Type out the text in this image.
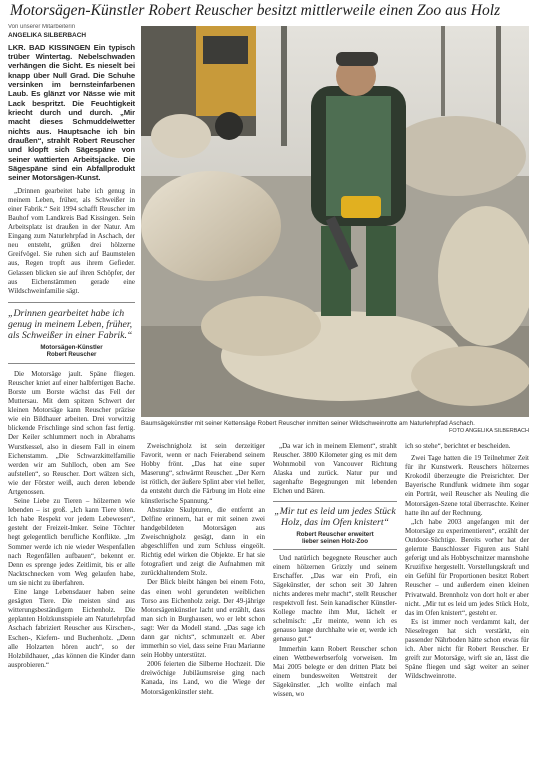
Motorsägen-Künstler Robert Reuscher besitzt mittlerweile einen Zoo aus Holz
Von unserer Mitarbeiterin
ANGELIKA SILBERBACH

LKR. BAD KISSINGEN Ein typisch trüber Wintertag. Nebelschwaden verhängen die Sicht. Es nieselt bei knapp über Null Grad. Die Schuhe versinken im bernsteinfarbenen Laub. Es glänzt vor Nässe wie mit Lack bespritzt. Die Feuchtigkeit kriecht durch und durch. „Mir macht dieses Schmuddelwetter nichts aus. Hauptsache ich bin draußen“, strahlt Robert Reuscher und klopft sich Sägespäne von seiner wattierten Arbeitsjacke. Die Sägespäne sind ein Abfallprodukt seiner Motorsägen-Kunst.

„Drinnen gearbeitet habe ich genug in meinem Leben, früher, als Schweißer in einer Fabrik.“ Seit 1994 schafft Reuscher im Bauhof vom Landkreis Bad Kissingen. Sein Arbeitsplatz ist draußen in der Natur. Am Eingang zum Naturlehrpfad in Aschach, der neu entsteht, grüßen drei hölzerne Greifvögel. Sie ruhen sich auf Baumstelen aus, Regen tropft aus ihrem Gefieder. Gelassen blicken sie auf ihren Schöpfer, der aus Eichenstämmen gerade eine Wildschweinfamilie sägt.

„Drinnen gearbeitet habe ich genug in meinem Leben, früher, als Schweißer in einer Fabrik.“
Motorsägen-Künstler
Robert Reuscher

Die Motorsäge jault. Späne fliegen. Reuscher kniet auf einer halbfertigen Bache. Borste um Borste wächst das Fell der Muttersau. Mit dem spitzen Schwert der kleinen Motorsäge kann Reuscher präzise wie ein Bildhauer arbeiten. Drei vorwitzig blickende Frischlinge sind schon fast fertig. Der Keiler schlummert noch in Abrahams Wurstkessel, also in diesem Fall in einem Eichenstamm. „Die Schwarzkittelfamilie werden wir am Suhlloch, oben am See aufstellen“, so Reuscher. Dort wälzen sich, wie der Förster weiß, auch deren lebende Artgenossen.

Seine Liebe zu Tieren – hölzernen wie lebenden – ist groß. „Ich kann Tiere töten. Ich habe Respekt vor jedem Lebewesen“, gesteht der Freizeit-Imker. Seine Töchter hegt gelegentlich berufliche Konflikte. „Im Sommer werde ich nie wieder Wespenfallen nach Regenfällen aufbauen“, bekennt er. Denn es sprenge jedes Zeitlimit, bis er alle Nacktschnecken vom Weg gelaufen habe, um sie nicht zu überfahren.

Eine lange Lebensdauer haben seine gesägten Tiere. Die meisten sind aus witterungsbeständigem Eichenholz. Die geplanten Holzkunstspiele am Naturlehrpfad Aschach fabriziert Reuscher aus Kirschen-, Eschen-, Kiefern- und Buchenholz. „Denn alle Holzarten hören auch“, so der Holzbildhauer, „das können die Kinder dann ausprobieren.“

Baumsägekünstler mit seiner Kettensäge Robert Reuscher inmitten seiner Wildschweinrotte am Naturlehrpfad Aschach.
FOTO ANGELIKA SILBERBACH

Zweischnigholz ist sein derzeitiger Favorit, wenn er nach Feierabend seinem Hobby frönt. „Das hat eine super Maserung“, schwärmt Reuscher. „Der Kern ist rötlich, der äußere Splint aber viel heller, da entsteht durch die Färbung im Holz eine künstlerische Spannung.“

Abstrakte Skulpturen, die entfernt an Delfine erinnern, hat er mit seinen zwei handgebildeten Motorsägen aus Zweischnigholz gesägt, dann in ein abgeschliffen und zum Schluss eingeölt. Richtig edel wirken die Objekte. Er hat sie fotografiert und zeigt die Aufnahmen mit zurückhaltendem Stolz.

Der Blick bleibt hängen bei einem Foto, das einen wohl gerundeten weiblichen Torso aus Eichenholz zeigt. Der 49-jährige Motorsägenkünstler lacht und erzählt, dass man sich in Burghausen, wo er lebt schon sagt: Wer da Modell stand. „Das sage ich dann gar nichts“, schmunzelt er. Aber immerhin so viel, dass seine Frau Marianne sein Hobby unterstützt.

2006 feierten die Silberne Hochzeit. Die dreiwöchige Jubiläumsreise ging nach Kanada, ins Land, wo die Wiege der Motorsägenkünstler steht.

„Da war ich in meinem Element“, strahlt Reuscher. 3800 Kilometer ging es mit dem Wohnmobil von Vancouver Richtung Alaska und zurück. Natur pur und sagenhafte Begegnungen mit lebenden Elchen und Bären.

„Mir tut es leid um jedes Stück Holz, das im Ofen knistert“
Robert Reuscher erweitert
lieber seinen Holz-Zoo

Und natürlich begegnete Reuscher auch einem hölzernen Grizzly und seinem Erschaffer. „Das war ein Profi, ein Sägekünstler, der schon seit 30 Jahren nichts anderes mehr macht“, stellt Reuscher respektvoll fest. Sein kanadischer Künstler-Kollege machte ihm Mut, lächelt er schelmisch: „Er meinte, wenn ich es genauso lange durchhalte wie er, werde ich genauso gut.“

Immerhin kann Robert Reuscher schon einen Wettbewerbserfolg vorweisen. Im Mai 2005 belegte er den dritten Platz bei einem bundesweiten Wettstreit der Sägekünstler. „Ich wollte einfach mal wissen, wo

ich so stehe“, berichtet er bescheiden.

Zwei Tage hatten die 19 Teilnehmer Zeit für ihr Kunstwerk. Reuschers hölzernes Krokodil überzeugte die Preisrichter. Der Bayerische Rundfunk widmete ihm sogar ein Porträt, weil Reuscher als Neuling die Motorsägen-Szene total überraschte. Keiner hatte ihn auf der Rechnung.

„Ich habe 2003 angefangen mit der Motorsäge zu experimentieren“, erzählt der Outdoor-Süchtige. Bereits vorher hat der gelernte Bauschlosser Figuren aus Stahl geferigt und als Hobbyschnitzer mannshohe Kruzifixe hergestellt. Vorstellungskraft und ein Gefühl für Proportionen besitzt Robert Reuscher – und außerdem einen kleinen Privatwald. Brennholz von dort holt er aber nicht. „Mir tut es leid um jedes Stück Holz, das im Ofen knistert“, gesteht er.

Es ist immer noch verdammt kalt, der Nieselregen hat sich verstärkt, ein passender Nährboden hätte schon etwas für ich. Aber nicht für Robert Reuscher. Er greift zur Motorsäge, wirft sie an, lässt die Späne fliegen und sägt weiter an seiner Wildschweinrotte.
